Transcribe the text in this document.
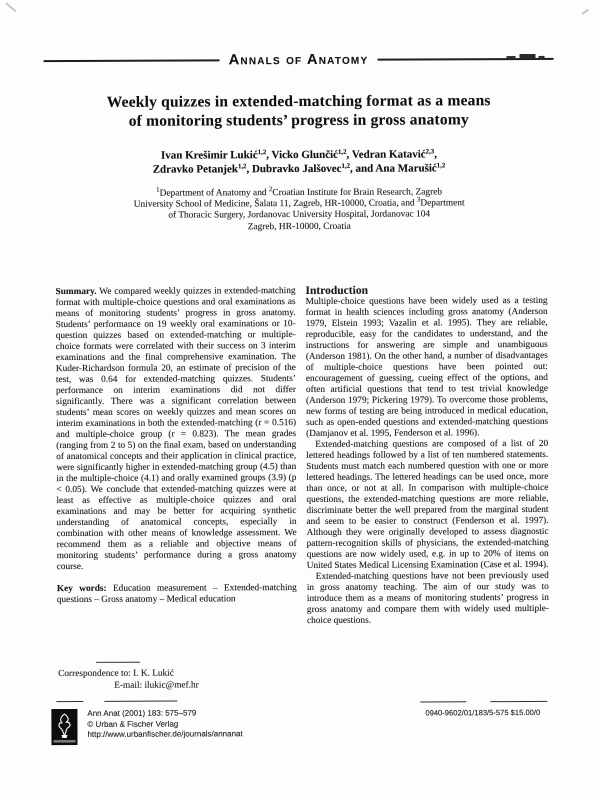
Annals of Anatomy
Weekly quizzes in extended-matching format as a means
of monitoring students’ progress in gross anatomy
Ivan Krešimir Lukić$^{1,2}$, Vicko Glunčić$^{1,2}$, Vedran Katavić$^{2,3}$,
Zdravko Petanjek$^{1,2}$, Dubravko Jalšovec$^{1,2}$, and Ana Marušić$^{1,2}$
$^1$Department of Anatomy and $^2$Croatian Institute for Brain Research, Zagreb
University School of Medicine, Šalata 11, Zagreb, HR-10000, Croatia, and $^3$Department
of Thoracic Surgery, Jordanovac University Hospital, Jordanovac 104
Zagreb, HR-10000, Croatia

Summary. We compared weekly quizzes in extended-matching format with multiple-choice questions and oral examinations as means of monitoring students’ progress in gross anatomy. Students’ performance on 19 weekly oral examinations or 10-question quizzes based on extended-matching or multiple-choice formats were correlated with their success on 3 interim examinations and the final comprehensive examination. The Kuder-Richardson formula 20, an estimate of precision of the test, was 0.64 for extended-matching quizzes. Students’ performance on interim examinations did not differ significantly. There was a significant correlation between students’ mean scores on weekly quizzes and mean scores on interim examinations in both the extended-matching (r = 0.516) and multiple-choice group (r = 0.823). The mean grades (ranging from 2 to 5) on the final exam, based on understanding of anatomical concepts and their application in clinical practice, were significantly higher in extended-matching group (4.5) than in the multiple-choice (4.1) and orally examined groups (3.9) (p < 0.05). We conclude that extended-matching quizzes were at least as effective as multiple-choice quizzes and oral examinations and may be better for acquiring synthetic understanding of anatomical concepts, especially in combination with other means of knowledge assessment. We recommend them as a reliable and objective means of monitoring students’ performance during a gross anatomy course.

Key words: Education measurement – Extended-matching questions – Gross anatomy – Medical education

Introduction

Multiple-choice questions have been widely used as a testing format in health sciences including gross anatomy (Anderson 1979, Elstein 1993; Vazalin et al. 1995). They are reliable, reproducible, easy for the candidates to understand, and the instructions for answering are simple and unambiguous (Anderson 1981). On the other hand, a number of disadvantages of multiple-choice questions have been pointed out: encouragement of guessing, cueing effect of the options, and often artificial questions that tend to test trivial knowledge (Anderson 1979; Pickering 1979). To overcome those problems, new forms of testing are being introduced in medical education, such as open-ended questions and extended-matching questions (Damjanov et al. 1995, Fenderson et al. 1996).

Extended-matching questions are composed of a list of 20 lettered headings followed by a list of ten numbered statements. Students must match each numbered question with one or more lettered headings. The lettered headings can be used once, more than once, or not at all. In comparison with multiple-choice questions, the extended-matching questions are more reliable, discriminate better the well prepared from the marginal student and seem to be easier to construct (Fenderson et al. 1997). Although they were originally developed to assess diagnostic pattern-recognition skills of physicians, the extended-matching questions are now widely used, e.g. in up to 20% of items on United States Medical Licensing Examination (Case et al. 1994).

Extended-matching questions have not been previously used in gross anatomy teaching. The aim of our study was to introduce them as a means of monitoring students’ progress in gross anatomy and compare them with widely used multiple-choice questions.

Correspondence to: I. K. Lukić
E-mail: ilukic@mef.hr
Ann Anat (2001) 183: 575–579
© Urban & Fischer Verlag
http://www.urbanfischer.de/journals/annanat
0940-9602/01/183/5-575 $15.00/0
